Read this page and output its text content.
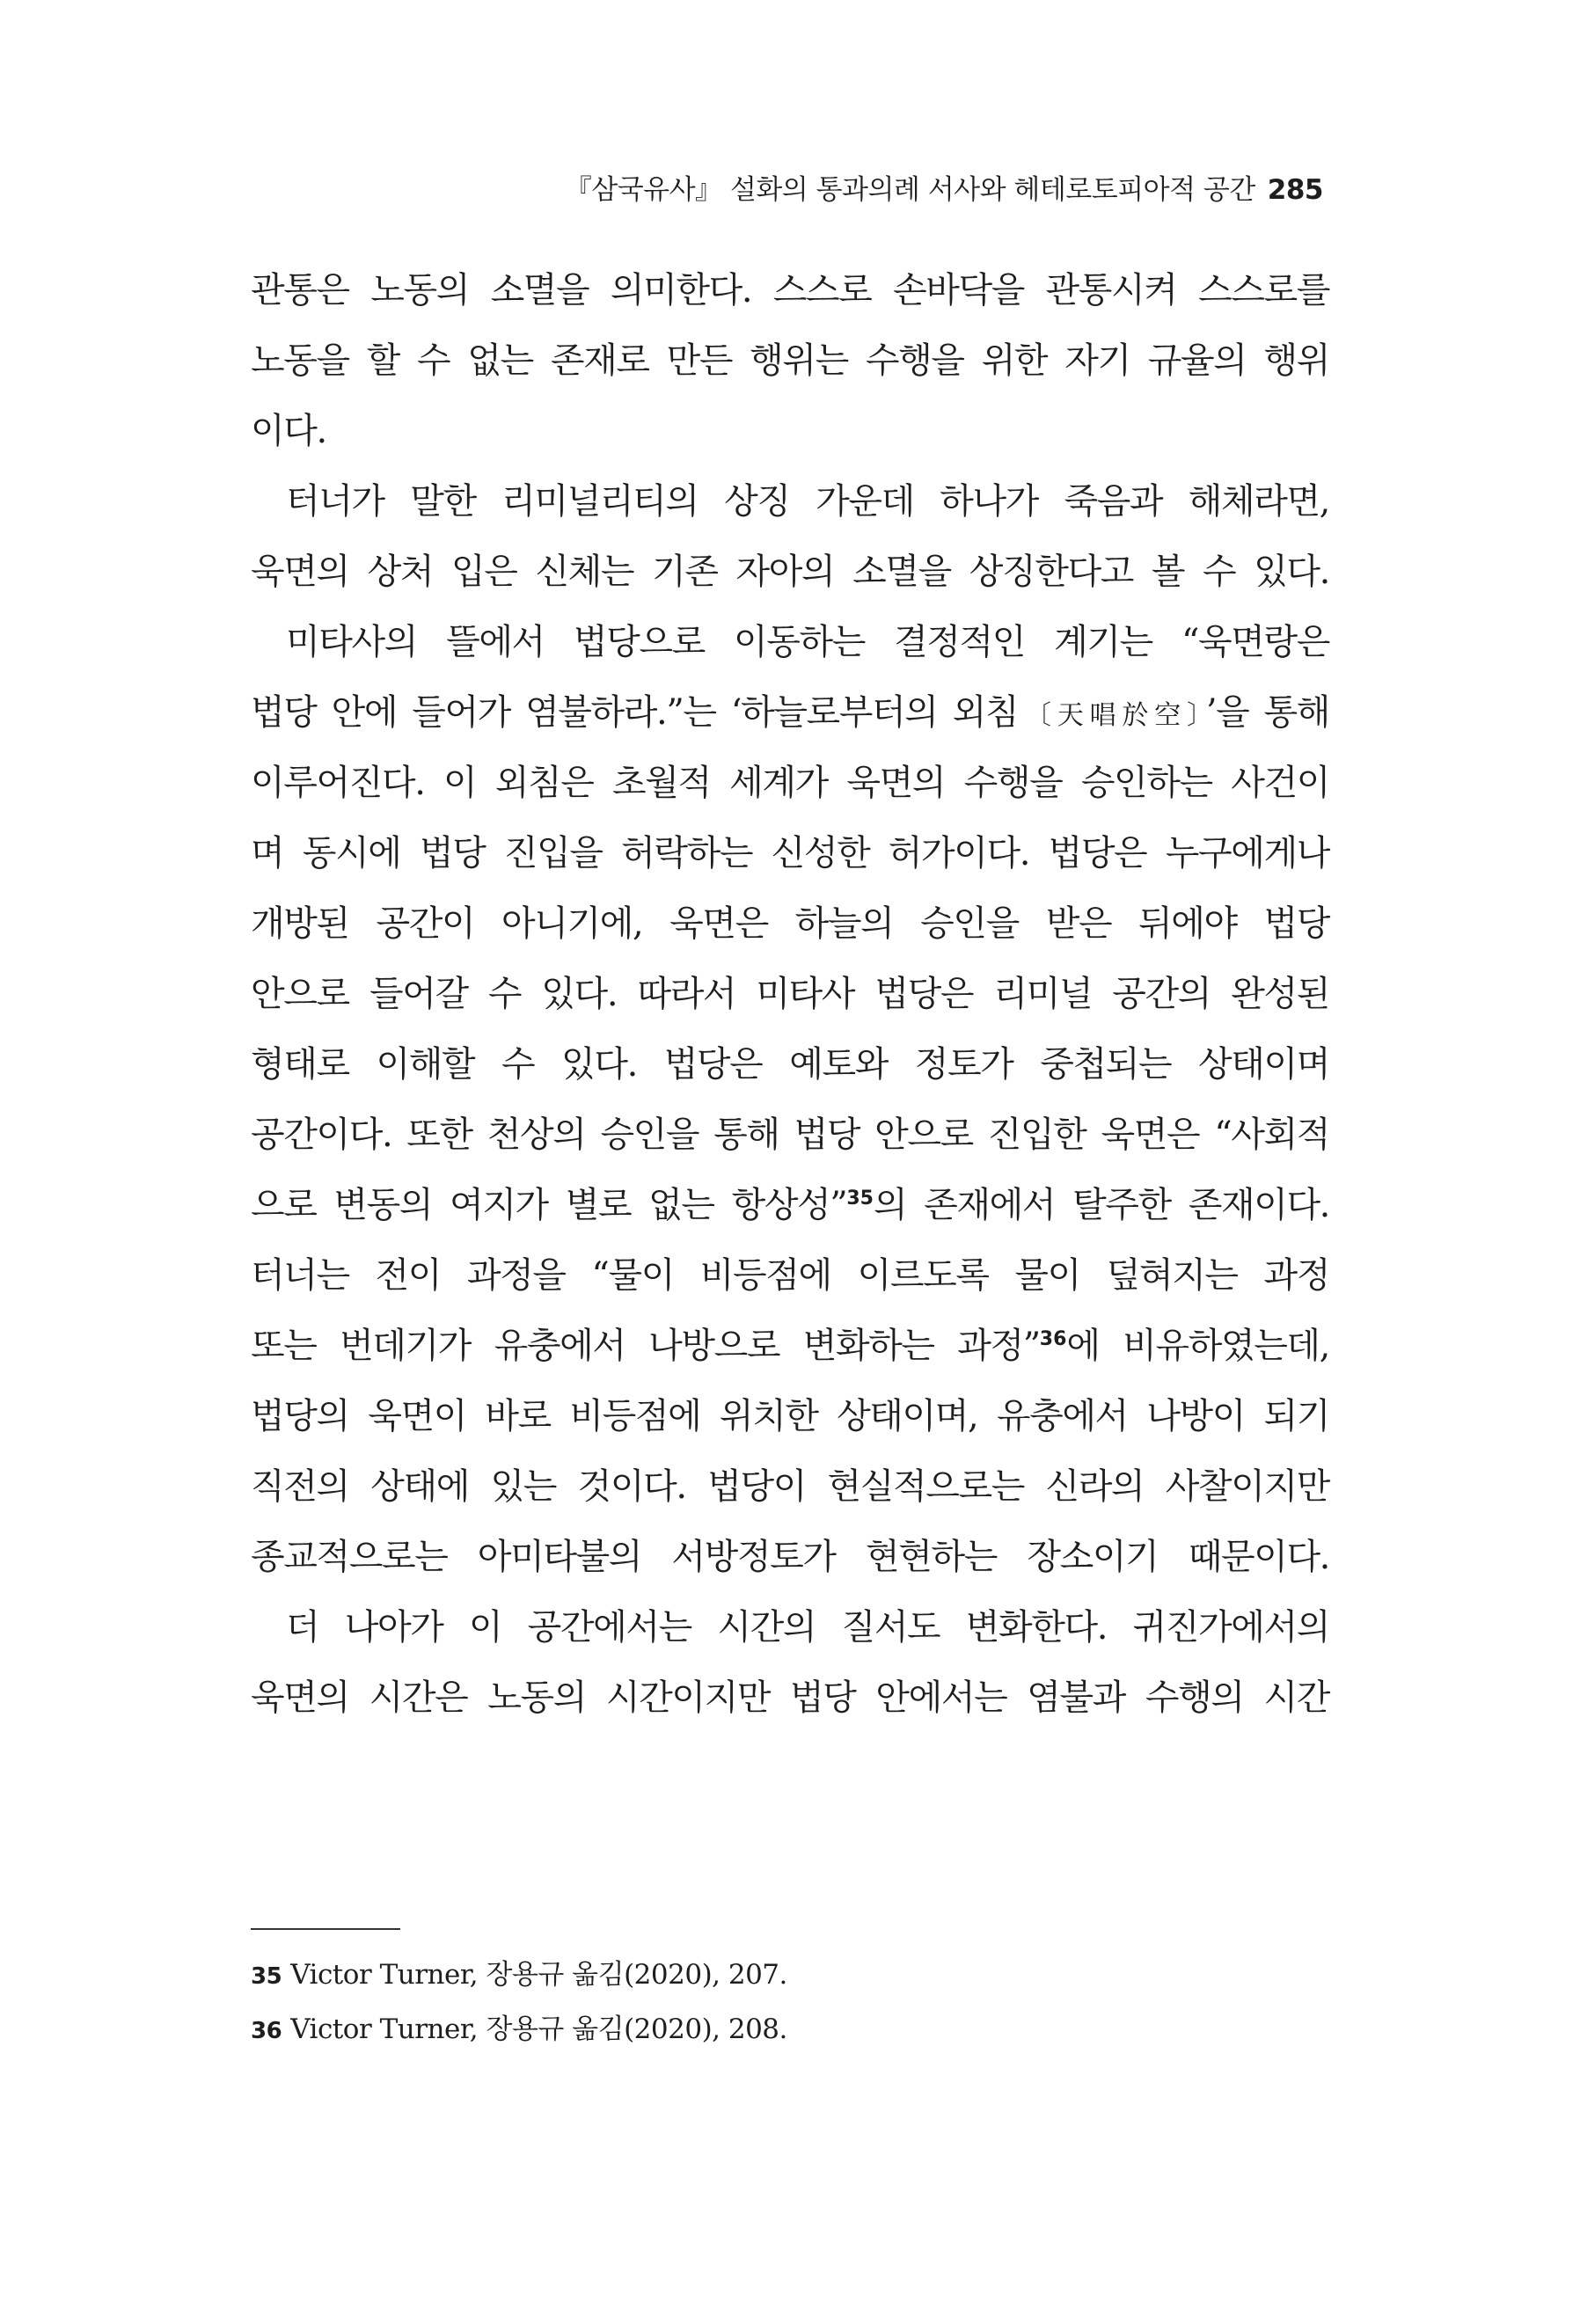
『삼국유사』 설화의 통과의례 서사와 헤테로토피아적 공간 285
관통은 노동의 소멸을 의미한다. 스스로 손바닥을 관통시켜 스스로를
노동을 할 수 없는 존재로 만든 행위는 수행을 위한 자기 규율의 행위
이다.
터너가 말한 리미널리티의 상징 가운데 하나가 죽음과 해체라면,
욱면의 상처 입은 신체는 기존 자아의 소멸을 상징한다고 볼 수 있다.
미타사의 뜰에서 법당으로 이동하는 결정적인 계기는 “욱면랑은
법당 안에 들어가 염불하라.”는 ‘하늘로부터의 외침〔天唱於空〕’을 통해
이루어진다. 이 외침은 초월적 세계가 욱면의 수행을 승인하는 사건이
며 동시에 법당 진입을 허락하는 신성한 허가이다. 법당은 누구에게나
개방된 공간이 아니기에, 욱면은 하늘의 승인을 받은 뒤에야 법당
안으로 들어갈 수 있다. 따라서 미타사 법당은 리미널 공간의 완성된
형태로 이해할 수 있다. 법당은 예토와 정토가 중첩되는 상태이며
공간이다. 또한 천상의 승인을 통해 법당 안으로 진입한 욱면은 “사회적
으로 변동의 여지가 별로 없는 항상성”$^{35}$의 존재에서 탈주한 존재이다.
터너는 전이 과정을 “물이 비등점에 이르도록 물이 덮혀지는 과정
또는 번데기가 유충에서 나방으로 변화하는 과정”$^{36}$에 비유하였는데,
법당의 욱면이 바로 비등점에 위치한 상태이며, 유충에서 나방이 되기
직전의 상태에 있는 것이다. 법당이 현실적으로는 신라의 사찰이지만
종교적으로는 아미타불의 서방정토가 현현하는 장소이기 때문이다.
더 나아가 이 공간에서는 시간의 질서도 변화한다. 귀진가에서의
욱면의 시간은 노동의 시간이지만 법당 안에서는 염불과 수행의 시간
35 Victor Turner, 장용규 옮김(2020), 207.
36 Victor Turner, 장용규 옮김(2020), 208.
